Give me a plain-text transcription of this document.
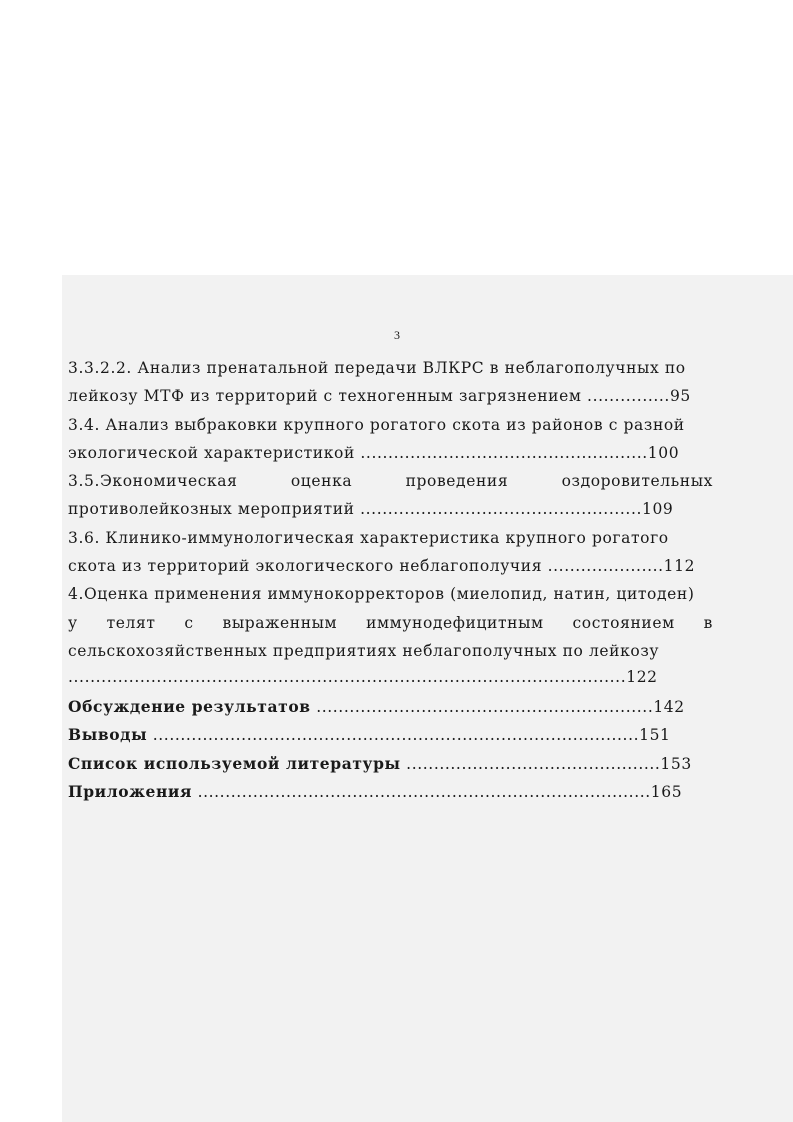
3
3.3.2.2. Анализ пренатальной передачи ВЛКРС в неблагополучных по
лейкозу МТФ из территорий с техногенным загрязнением ...............95
3.4. Анализ выбраковки крупного рогатого скота из районов с разной
экологической характеристикой ....................................................100
3.5.Экономическая	оценка	проведения	оздоровительных
противолейкозных мероприятий ...................................................109
3.6. Клинико-иммунологическая характеристика крупного рогатого
скота из территорий экологического неблагополучия .....................112
4.Оценка применения иммунокорректоров (миелопид, натин, цитоден)
у телят с выраженным иммунодефицитным состоянием в
сельскохозяйственных предприятиях неблагополучных по лейкозу
.....................................................................................................122
Обсуждение результатов .............................................................142
Выводы ........................................................................................151
Список используемой литературы ..............................................153
Приложения ..................................................................................165
